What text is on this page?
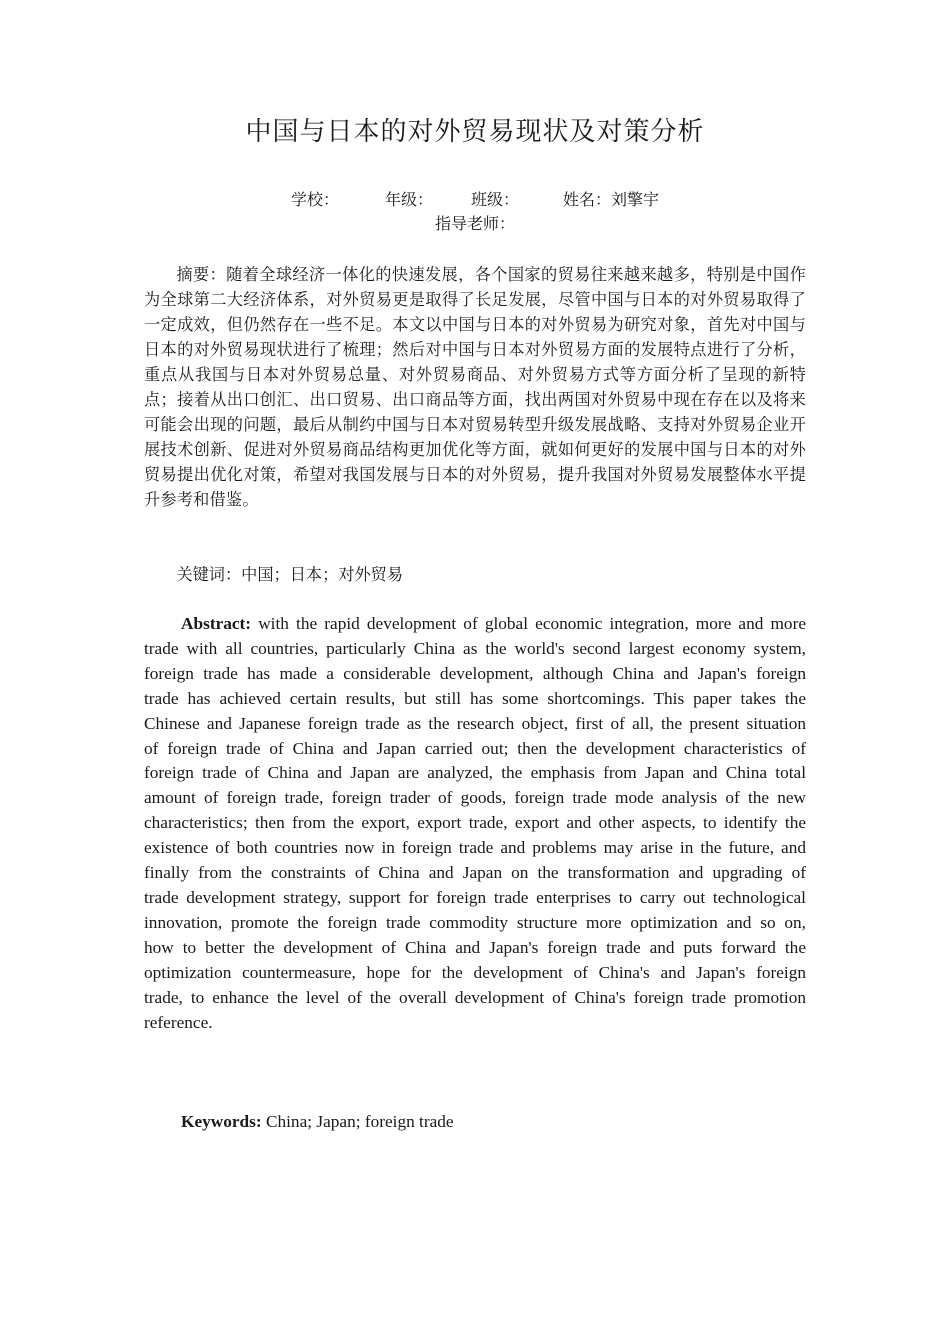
中国与日本的对外贸易现状及对策分析
学校：	年级： 班级：	姓名：刘擎宇
指导老师：

摘要：随着全球经济一体化的快速发展，各个国家的贸易往来越来越多，特别是中国作为全球第二大经济体系，对外贸易更是取得了长足发展，尽管中国与日本的对外贸易取得了一定成效，但仍然存在一些不足。本文以中国与日本的对外贸易为研究对象，首先对中国与日本的对外贸易现状进行了梳理；然后对中国与日本对外贸易方面的发展特点进行了分析，重点从我国与日本对外贸易总量、对外贸易商品、对外贸易方式等方面分析了呈现的新特点；接着从出口创汇、出口贸易、出口商品等方面，找出两国对外贸易中现在存在以及将来可能会出现的问题，最后从制约中国与日本对贸易转型升级发展战略、支持对外贸易企业开展技术创新、促进对外贸易商品结构更加优化等方面，就如何更好的发展中国与日本的对外贸易提出优化对策，希望对我国发展与日本的对外贸易，提升我国对外贸易发展整体水平提升参考和借鉴。

关键词：中国；日本；对外贸易

Abstract: with the rapid development of global economic integration, more and more trade with all countries, particularly China as the world's second largest economy system, foreign trade has made a considerable development, although China and Japan's foreign trade has achieved certain results, but still has some shortcomings. This paper takes the Chinese and Japanese foreign trade as the research object, first of all, the present situation of foreign trade of China and Japan carried out; then the development characteristics of foreign trade of China and Japan are analyzed, the emphasis from Japan and China total amount of foreign trade, foreign trader of goods, foreign trade mode analysis of the new characteristics; then from the export, export trade, export and other aspects, to identify the existence of both countries now in foreign trade and problems may arise in the future, and finally from the constraints of China and Japan on the transformation and upgrading of trade development strategy, support for foreign trade enterprises to carry out technological innovation, promote the foreign trade commodity structure more optimization and so on, how to better the development of China and Japan's foreign trade and puts forward the optimization countermeasure, hope for the development of China's and Japan's foreign trade, to enhance the level of the overall development of China's foreign trade promotion reference.

Keywords: China; Japan; foreign trade
